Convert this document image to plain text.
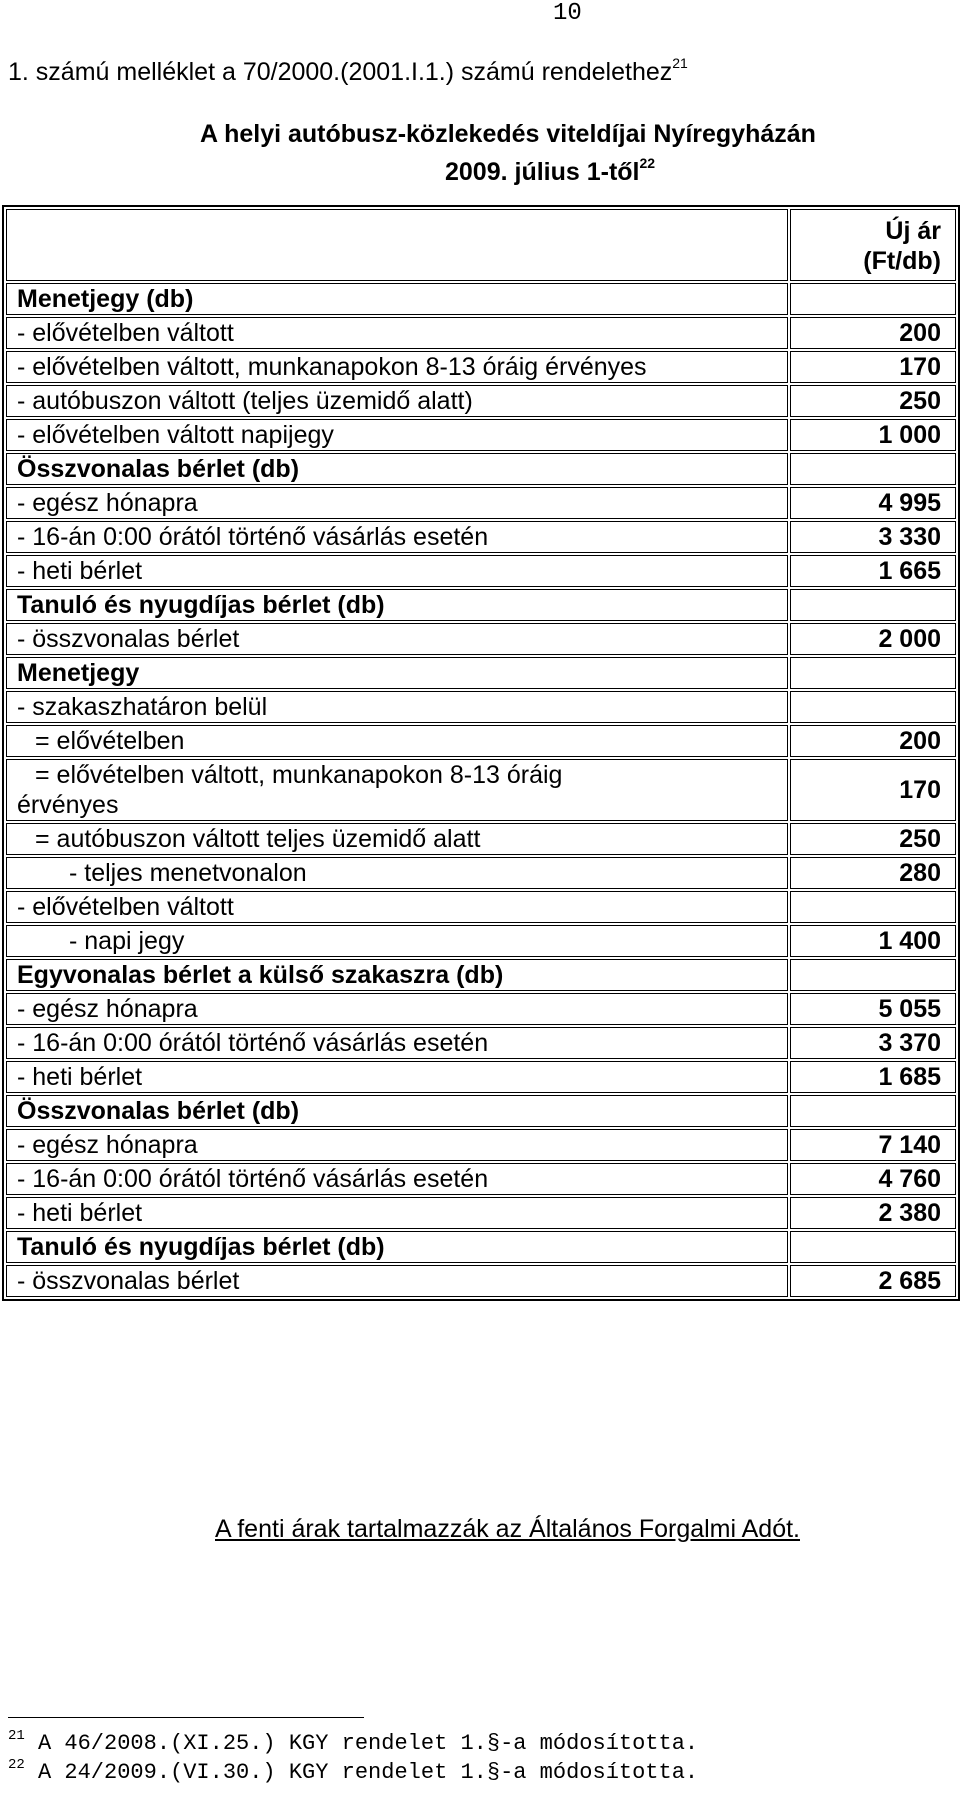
10
1. számú melléklet a 70/2000.(2001.I.1.) számú rendelethez$^{21}$
A helyi autóbusz-közlekedés viteldíjai Nyíregyházán
2009. július 1-től$^{22}$

	Új ár
(Ft/db)

Menetjegy (db)	
- elővételben váltott	200
- elővételben váltott, munkanapokon 8-13 óráig érvényes	170
- autóbuszon váltott (teljes üzemidő alatt)	250
- elővételben váltott napijegy	1 000
Összvonalas bérlet (db)	
- egész hónapra	4 995
- 16-án 0:00 órától történő vásárlás esetén	3 330
- heti bérlet	1 665
Tanuló és nyugdíjas bérlet (db)	
- összvonalas bérlet	2 000
Menetjegy	
- szakaszhatáron belül	
= elővételben	200

= elővételben váltott, munkanapokon 8-13 óráig
érvényes	170
= autóbuszon váltott teljes üzemidő alatt	250
- teljes menetvonalon	280
- elővételben váltott	
- napi jegy	1 400
Egyvonalas bérlet a külső szakaszra (db)	
- egész hónapra	5 055
- 16-án 0:00 órától történő vásárlás esetén	3 370
- heti bérlet	1 685
Összvonalas bérlet (db)	
- egész hónapra	7 140
- 16-án 0:00 órától történő vásárlás esetén	4 760
- heti bérlet	2 380
Tanuló és nyugdíjas bérlet (db)	
- összvonalas bérlet	2 685
A fenti árak tartalmazzák az Általános Forgalmi Adót.
21 A 46/2008.(XI.25.) KGY rendelet 1.§-a módosította.
22 A 24/2009.(VI.30.) KGY rendelet 1.§-a módosította.
